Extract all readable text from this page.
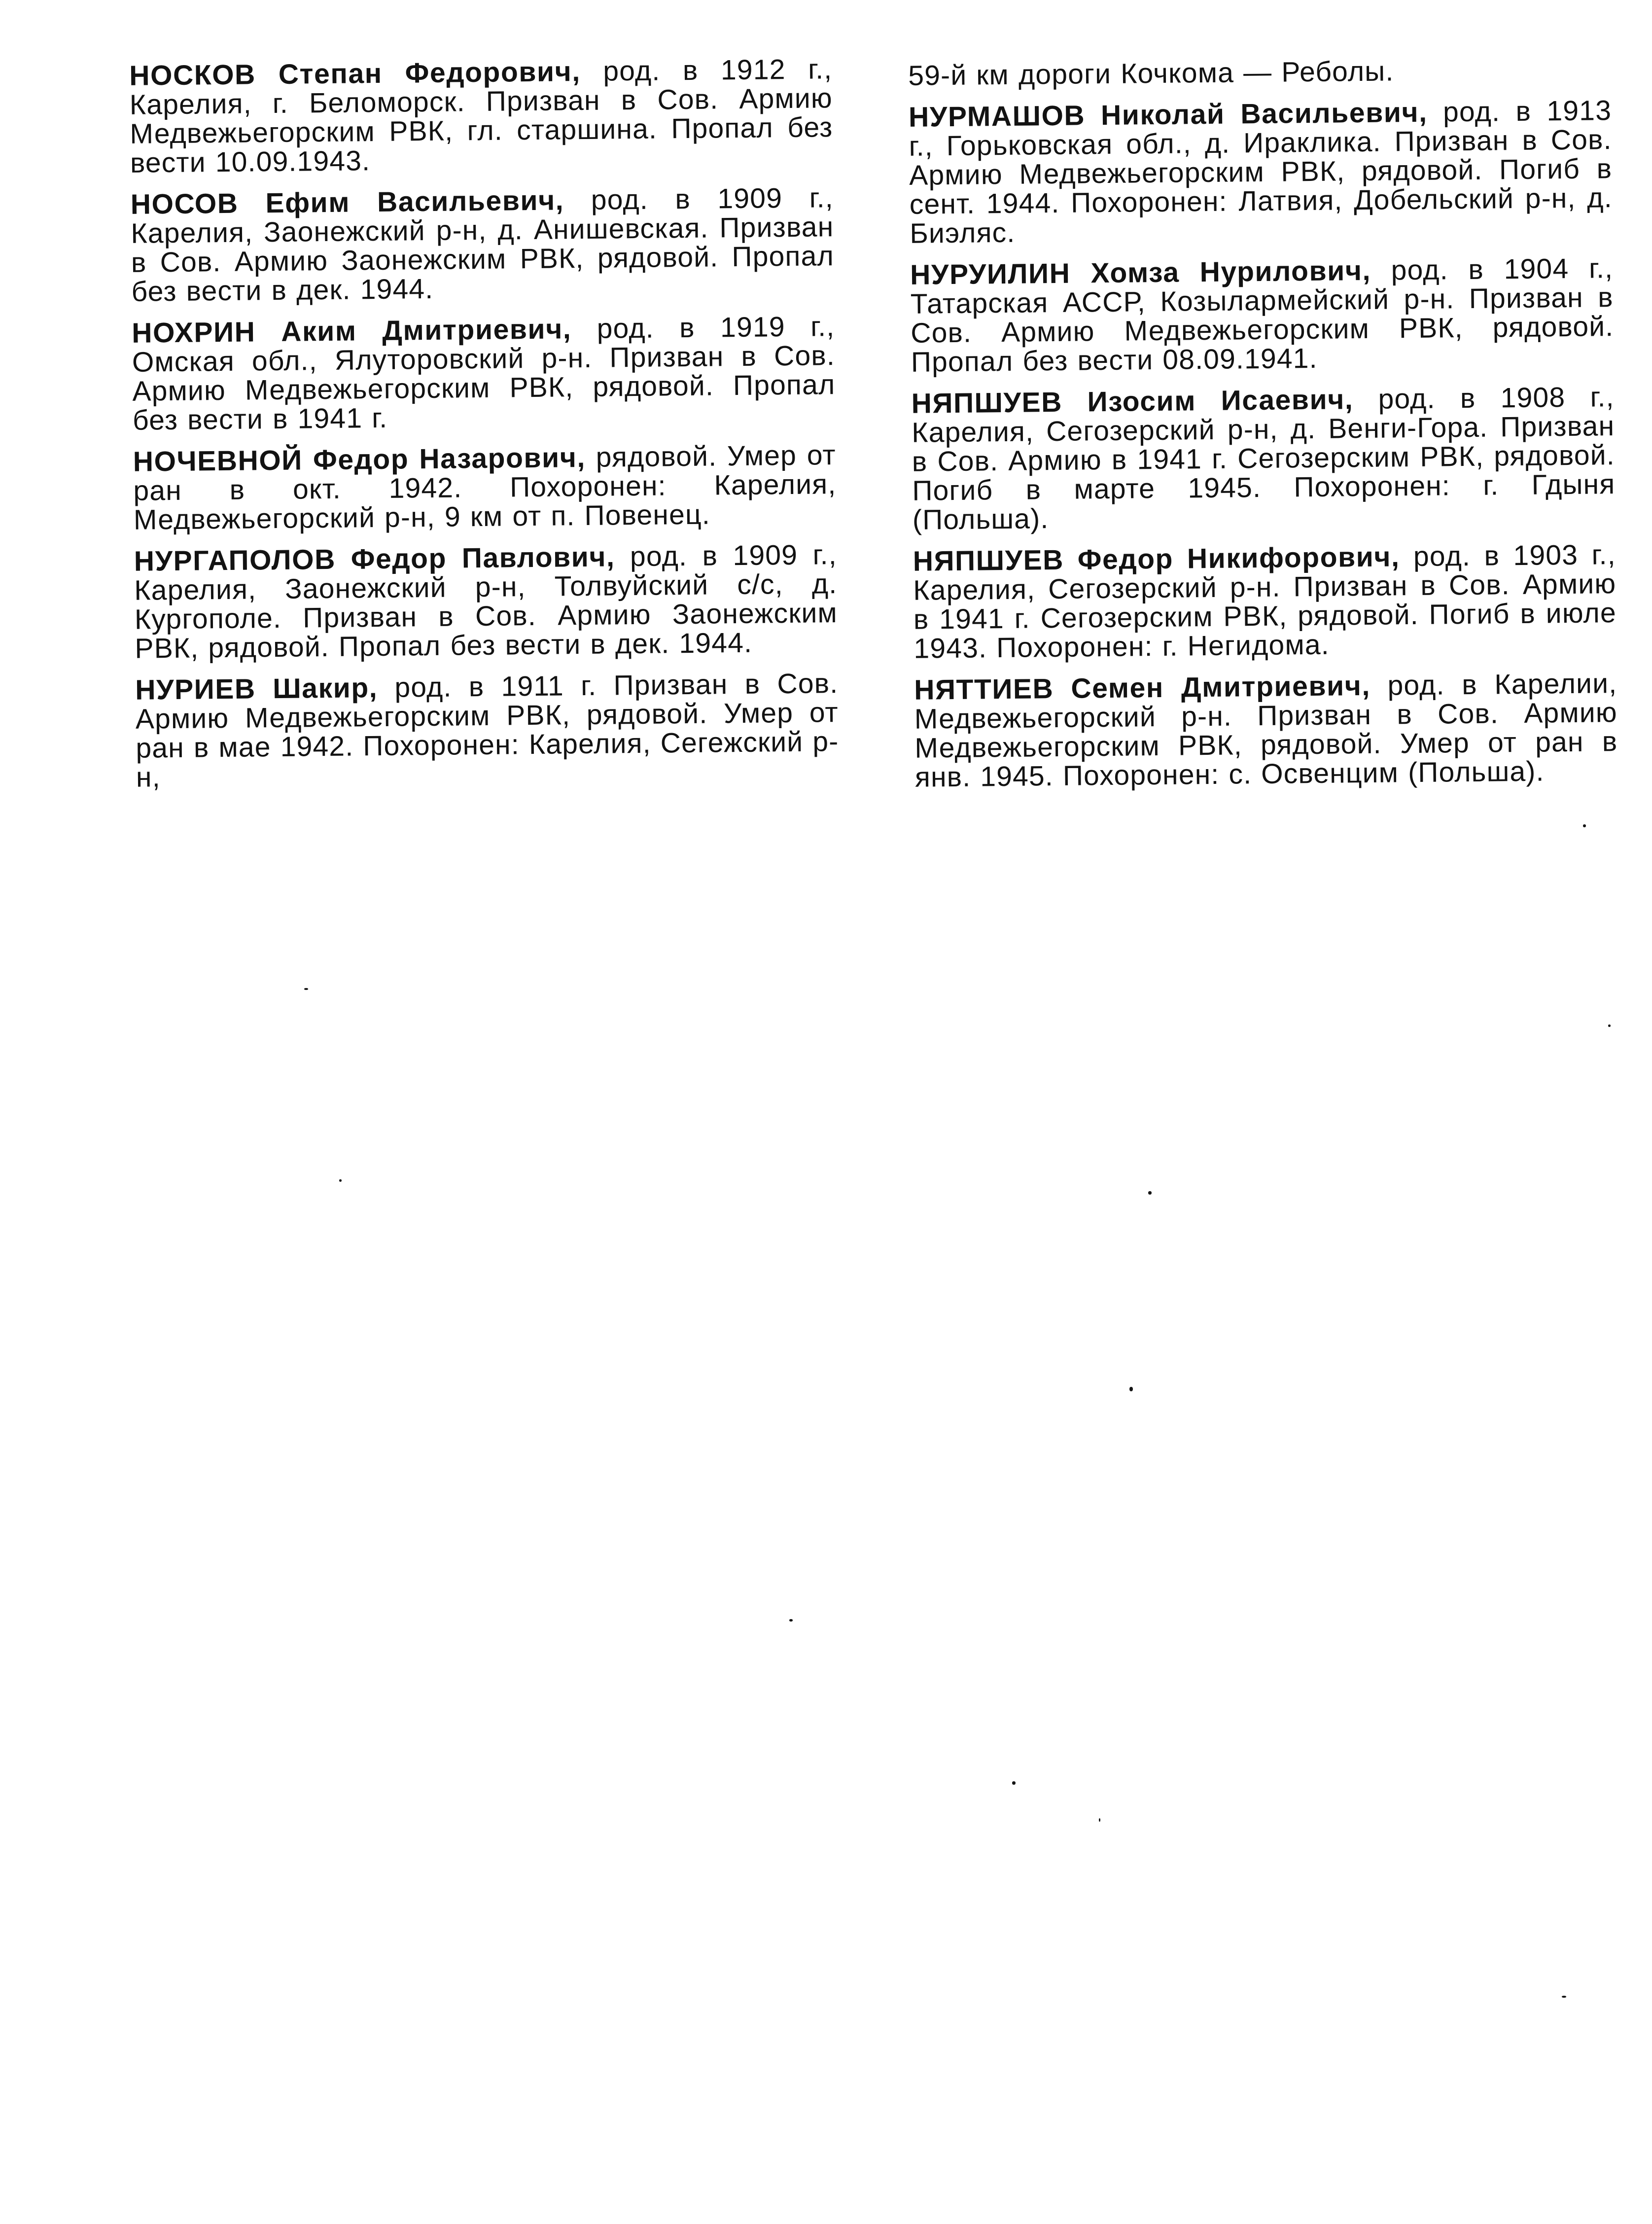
НОСКОВ Степан Федорович, род. в 1912 г., Карелия, г. Беломорск. Призван в Сов. Армию Медвежьегорским РВК, гл. старшина. Пропал без вести 10.09.1943.

НОСОВ Ефим Васильевич, род. в 1909 г., Карелия, Заонежский р-н, д. Анишевская. Призван в Сов. Армию Заонежским РВК, рядовой. Пропал без вести в дек. 1944.

НОХРИН Аким Дмитриевич, род. в 1919 г., Омская обл., Ялуторовский р-н. Призван в Сов. Армию Медвежьегорским РВК, рядовой. Пропал без вести в 1941 г.

НОЧЕВНОЙ Федор Назарович, рядовой. Умер от ран в окт. 1942. Похоронен: Карелия, Медвежьегорский р-н, 9 км от п. Повенец.

НУРГАПОЛОВ Федор Павлович, род. в 1909 г., Карелия, Заонежский р-н, Толвуйский с/с, д. Кургополе. Призван в Сов. Армию Заонежским РВК, рядовой. Пропал без вести в дек. 1944.

НУРИЕВ Шакир, род. в 1911 г. Призван в Сов. Армию Медвежьегорским РВК, рядовой. Умер от ран в мае 1942. Похоронен: Карелия, Сегежский р-н,

59-й км дороги Кочкома — Реболы.

НУРМАШОВ Николай Васильевич, род. в 1913 г., Горьковская обл., д. Ираклика. Призван в Сов. Армию Медвежьегорским РВК, рядовой. Погиб в сент. 1944. Похоронен: Латвия, Добельский р-н, д. Биэляс.

НУРУИЛИН Хомза Нурилович, род. в 1904 г., Татарская АССР, Козылармейский р-н. Призван в Сов. Армию Медвежьегорским РВК, рядовой. Пропал без вести 08.09.1941.

НЯПШУЕВ Изосим Исаевич, род. в 1908 г., Карелия, Сегозерский р-н, д. Венги-Гора. Призван в Сов. Армию в 1941 г. Сегозерским РВК, рядовой. Погиб в марте 1945. Похоронен: г. Гдыня (Польша).

НЯПШУЕВ Федор Никифорович, род. в 1903 г., Карелия, Сегозерский р-н. Призван в Сов. Армию в 1941 г. Сегозерским РВК, рядовой. Погиб в июле 1943. Похоронен: г. Негидома.

НЯТТИЕВ Семен Дмитриевич, род. в Карелии, Медвежьегорский р-н. Призван в Сов. Армию Медвежьегорским РВК, рядовой. Умер от ран в янв. 1945. Похоронен: с. Освенцим (Польша).
